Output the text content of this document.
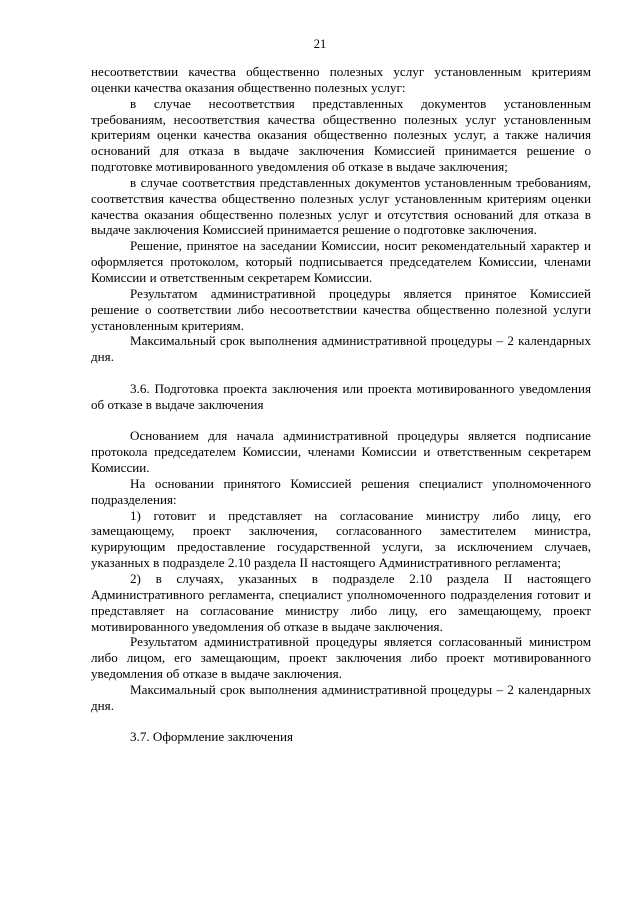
21

несоответствии качества общественно полезных услуг установленным критериям оценки качества оказания общественно полезных услуг:

в случае несоответствия представленных документов установленным требованиям, несоответствия качества общественно полезных услуг установленным критериям оценки качества оказания общественно полезных услуг, а также наличия оснований для отказа в выдаче заключения Комиссией принимается решение о подготовке мотивированного уведомления об отказе в выдаче заключения;

в случае соответствия представленных документов установленным требованиям, соответствия качества общественно полезных услуг установленным критериям оценки качества оказания общественно полезных услуг и отсутствия оснований для отказа в выдаче заключения Комиссией принимается решение о подготовке заключения.

Решение, принятое на заседании Комиссии, носит рекомендательный характер и оформляется протоколом, который подписывается председателем Комиссии, членами Комиссии и ответственным секретарем Комиссии.

Результатом административной процедуры является принятое Комиссией решение о соответствии либо несоответствии качества общественно полезной услуги установленным критериям.

Максимальный срок выполнения административной процедуры – 2 календарных дня.

3.6. Подготовка проекта заключения или проекта мотивированного уведомления об отказе в выдаче заключения

Основанием для начала административной процедуры является подписание протокола председателем Комиссии, членами Комиссии и ответственным секретарем Комиссии.

На основании принятого Комиссией решения специалист уполномоченного подразделения:

1) готовит и представляет на согласование министру либо лицу, его замещающему, проект заключения, согласованного заместителем министра, курирующим предоставление государственной услуги, за исключением случаев, указанных в подразделе 2.10 раздела II настоящего Административного регламента;

2) в случаях, указанных в подразделе 2.10 раздела II настоящего Административного регламента, специалист уполномоченного подразделения готовит и представляет на согласование министру либо лицу, его замещающему, проект мотивированного уведомления об отказе в выдаче заключения.

Результатом административной процедуры является согласованный министром либо лицом, его замещающим, проект заключения либо проект мотивированного уведомления об отказе в выдаче заключения.

Максимальный срок выполнения административной процедуры – 2 календарных дня.

3.7. Оформление заключения
